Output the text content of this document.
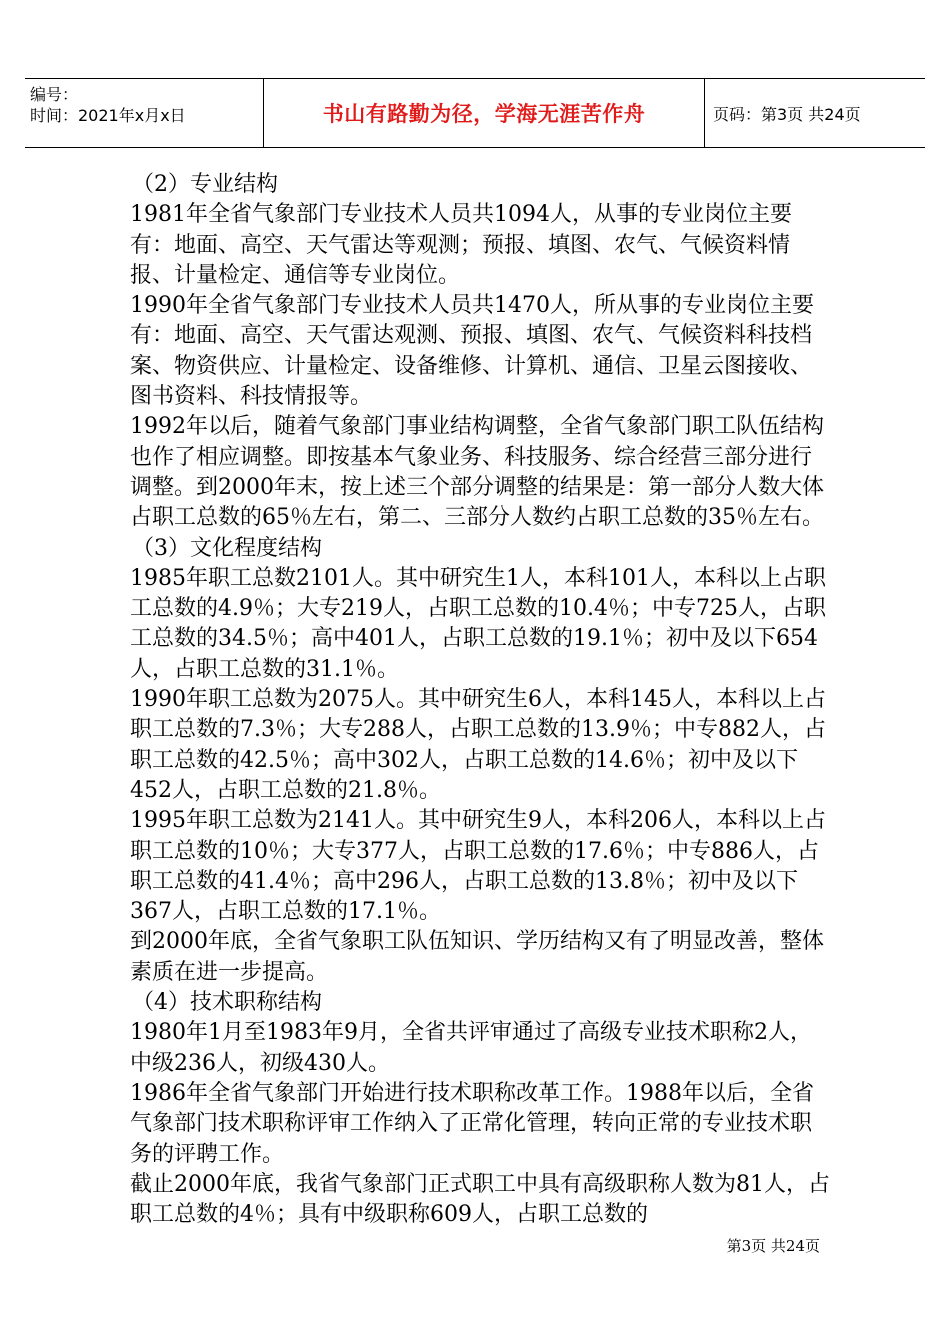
编号：
时间：2021年x月x日	书山有路勤为径，学海无涯苦作舟	页码：第3页 共24页

（2）专业结构

1981年全省气象部门专业技术人员共1094人，从事的专业岗位主要有：地面、高空、天气雷达等观测；预报、填图、农气、气候资料情报、计量检定、通信等专业岗位。

1990年全省气象部门专业技术人员共1470人，所从事的专业岗位主要有：地面、高空、天气雷达观测、预报、填图、农气、气候资料科技档案、物资供应、计量检定、设备维修、计算机、通信、卫星云图接收、图书资料、科技情报等。

1992年以后，随着气象部门事业结构调整，全省气象部门职工队伍结构也作了相应调整。即按基本气象业务、科技服务、综合经营三部分进行调整。到2000年末，按上述三个部分调整的结果是：第一部分人数大体占职工总数的65％左右，第二、三部分人数约占职工总数的35％左右。

（3）文化程度结构

1985年职工总数2101人。其中研究生1人，本科101人，本科以上占职工总数的4.9％；大专219人，占职工总数的10.4％；中专725人，占职工总数的34.5％；高中401人，占职工总数的19.1％；初中及以下654人，占职工总数的31.1％。

1990年职工总数为2075人。其中研究生6人，本科145人，本科以上占职工总数的7.3％；大专288人，占职工总数的13.9％；中专882人，占职工总数的42.5％；高中302人，占职工总数的14.6％；初中及以下452人，占职工总数的21.8％。

1995年职工总数为2141人。其中研究生9人，本科206人，本科以上占职工总数的10％；大专377人，占职工总数的17.6％；中专886人，占职工总数的41.4％；高中296人，占职工总数的13.8％；初中及以下367人，占职工总数的17.1％。

到2000年底，全省气象职工队伍知识、学历结构又有了明显改善，整体素质在进一步提高。

（4）技术职称结构

1980年1月至1983年9月，全省共评审通过了高级专业技术职称2人，中级236人，初级430人。

1986年全省气象部门开始进行技术职称改革工作。1988年以后，全省气象部门技术职称评审工作纳入了正常化管理，转向正常的专业技术职务的评聘工作。

截止2000年底，我省气象部门正式职工中具有高级职称人数为81人，占职工总数的4％；具有中级职称609人，占职工总数的

第3页 共24页
